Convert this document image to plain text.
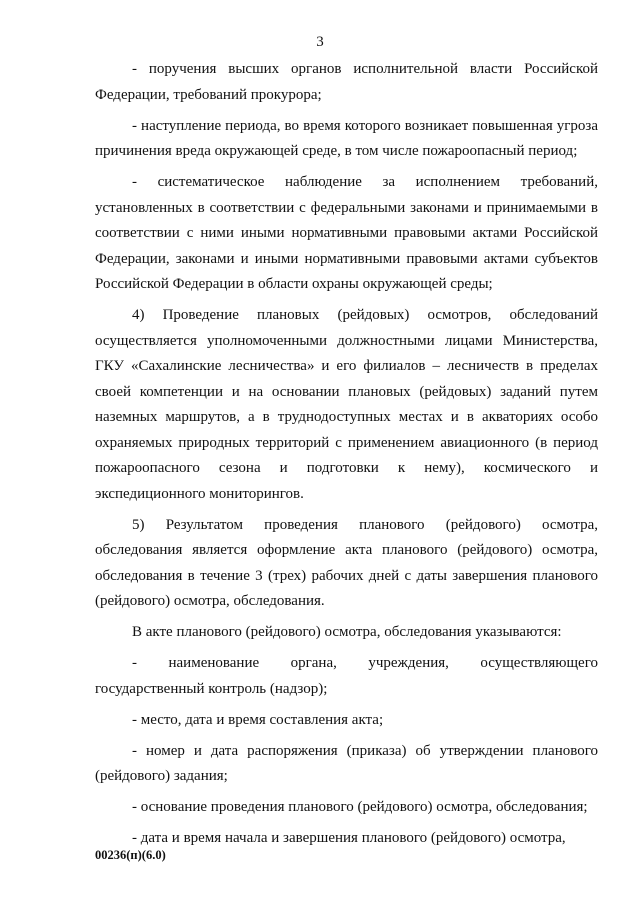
3

- поручения высших органов исполнительной власти Российской Федерации, требований прокурора;

- наступление периода, во время которого возникает повышенная угроза причинения вреда окружающей среде, в том числе пожароопасный период;

- систематическое наблюдение за исполнением требований, установленных в соответствии с федеральными законами и принимаемыми в соответствии с ними иными нормативными правовыми актами Российской Федерации, законами и иными нормативными правовыми актами субъектов Российской Федерации в области охраны окружающей среды;

4) Проведение плановых (рейдовых) осмотров, обследований осуществляется уполномоченными должностными лицами Министерства, ГКУ «Сахалинские лесничества» и его филиалов – лесничеств в пределах своей компетенции и на основании плановых (рейдовых) заданий путем наземных маршрутов, а в труднодоступных местах и в акваториях особо охраняемых природных территорий с применением авиационного (в период пожароопасного сезона и подготовки к нему), космического и экспедиционного мониторингов.

5) Результатом проведения планового (рейдового) осмотра, обследования является оформление акта планового (рейдового) осмотра, обследования в течение 3 (трех) рабочих дней с даты завершения планового (рейдового) осмотра, обследования.

В акте планового (рейдового) осмотра, обследования указываются:

- наименование органа, учреждения, осуществляющего государственный контроль (надзор);

- место, дата и время составления акта;

- номер и дата распоряжения (приказа) об утверждении планового (рейдового) задания;

- основание проведения планового (рейдового) осмотра, обследования;

- дата и время начала и завершения планового (рейдового) осмотра,

00236(п)(6.0)
